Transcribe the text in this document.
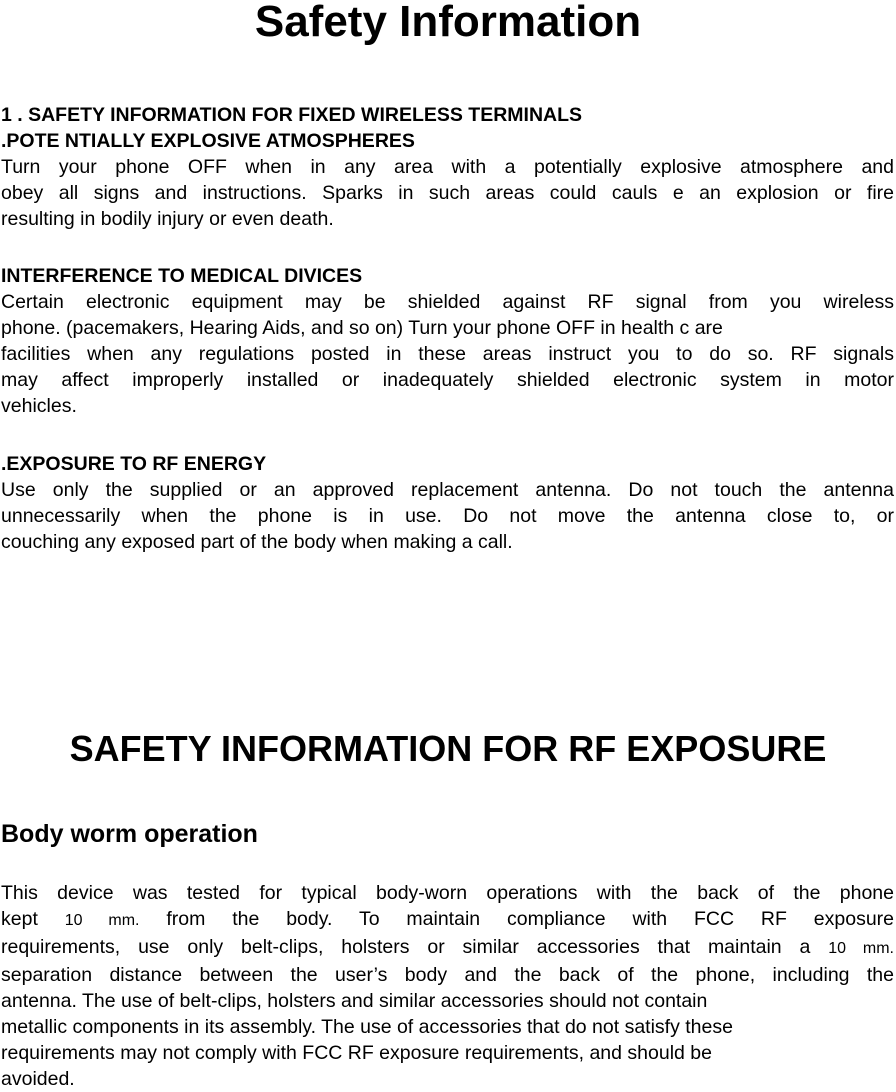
Safety Information

1 . SAFETY INFORMATION FOR FIXED WIRELESS TERMINALS

.POTE NTIALLY EXPLOSIVE ATMOSPHERES

Turn your phone OFF when in any area with a potentially explosive atmosphere and
obey all signs and instructions. Sparks in such areas could cauls e an explosion or fire
resulting in bodily injury or even death.

INTERFERENCE TO MEDICAL DIVICES

Certain electronic equipment may be shielded against RF signal from you wireless
phone. (pacemakers, Hearing Aids, and so on) Turn your phone OFF in health c are
facilities when any regulations posted in these areas instruct you to do so. RF signals
may affect improperly installed or inadequately shielded electronic system in motor
vehicles.

.EXPOSURE TO RF ENERGY

Use only the supplied or an approved replacement antenna. Do not touch the antenna
unnecessarily when the phone is in use. Do not move the antenna close to, or
couching any exposed part of the body when making a call.
SAFETY INFORMATION FOR RF EXPOSURE

Body worm operation

This device was tested for typical body-worn operations with the back of the phone
kept 10 mm. from the body. To maintain compliance with FCC RF exposure
requirements, use only belt-clips, holsters or similar accessories that maintain a 10 mm.
separation distance between the user’s body and the back of the phone, including the
antenna. The use of belt-clips, holsters and similar accessories should not contain
metallic components in its assembly. The use of accessories that do not satisfy these
requirements may not comply with FCC RF exposure requirements, and should be
avoided.
